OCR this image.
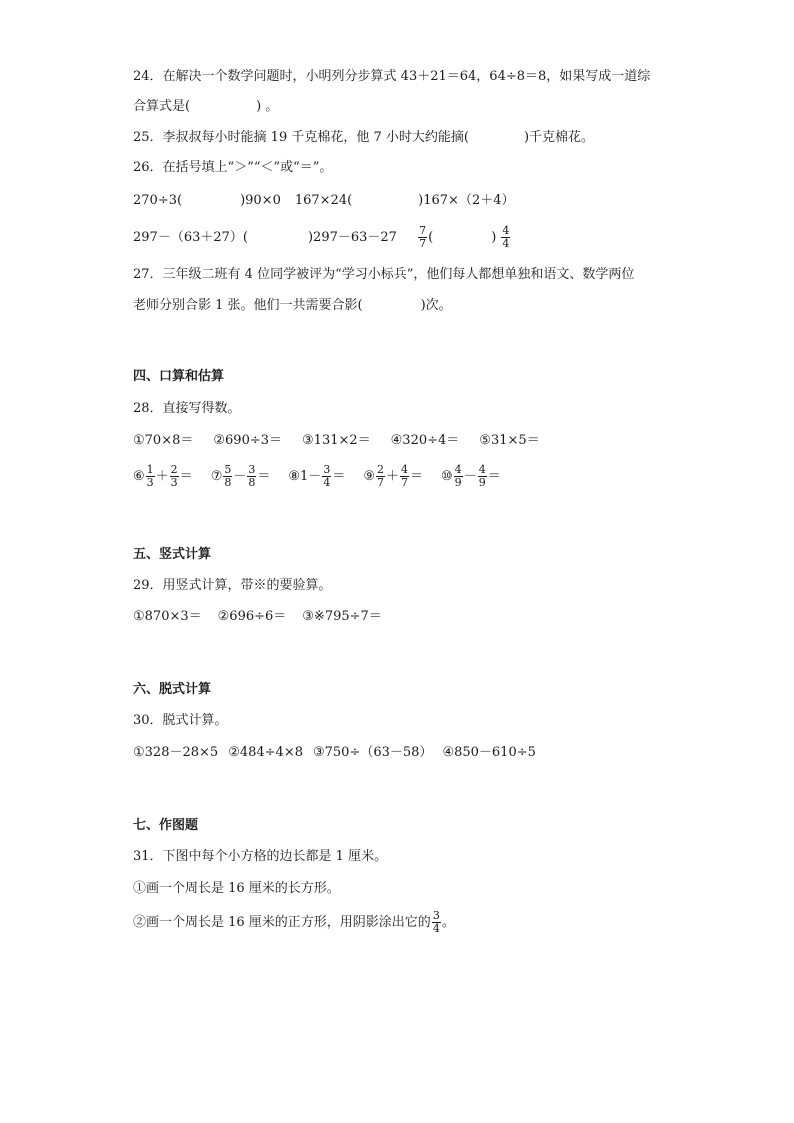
24．在解决一个数学问题时，小明列分步算式 43＋21＝64，64÷8＝8，如果写成一道综
合算式是(	) 。
25．李叔叔每小时能摘 19 千克棉花，他 7 小时大约能摘(	)千克棉花。
26．在括号填上“＞”“＜”或“＝”。
270÷3(	)90×0 167×24(	)167×（2＋4）
297－（63＋27）(	)$297-63-27 \frac{7}{7}$ (	) $\frac{4}{4}$
27．三年级二班有 4 位同学被评为“学习小标兵”，他们每人都想单独和语文、数学两位
老师分别合影 1 张。他们一共需要合影(	)次。
四、口算和估算
28．直接写得数。
①70×8＝ ②690÷3＝ ③131×2＝ ④320÷4＝ ⑤31×5＝
⑥ $\frac{1}{3} + \frac{2}{3}$ ＝ ⑦ $\frac{5}{8} - \frac{3}{8}$ ＝ ⑧1－ $\frac{3}{4}$ ＝ ⑨ $\frac{2}{7} + \frac{4}{7}$ ＝ ⑩ $\frac{4}{9} - \frac{4}{9}$ ＝
五、竖式计算
29．用竖式计算，带※的要验算。
①870×3＝ ②696÷6＝ ③※795÷7＝
六、脱式计算
30．脱式计算。
①328－28×5 ②484÷4×8 ③750÷（63－58） ④850－610÷5
七、作图题
31．下图中每个小方格的边长都是 1 厘米。
①画一个周长是 16 厘米的长方形。
②画一个周长是 16 厘米的正方形，用阴影涂出它的 $\frac{3}{4}$ 。
